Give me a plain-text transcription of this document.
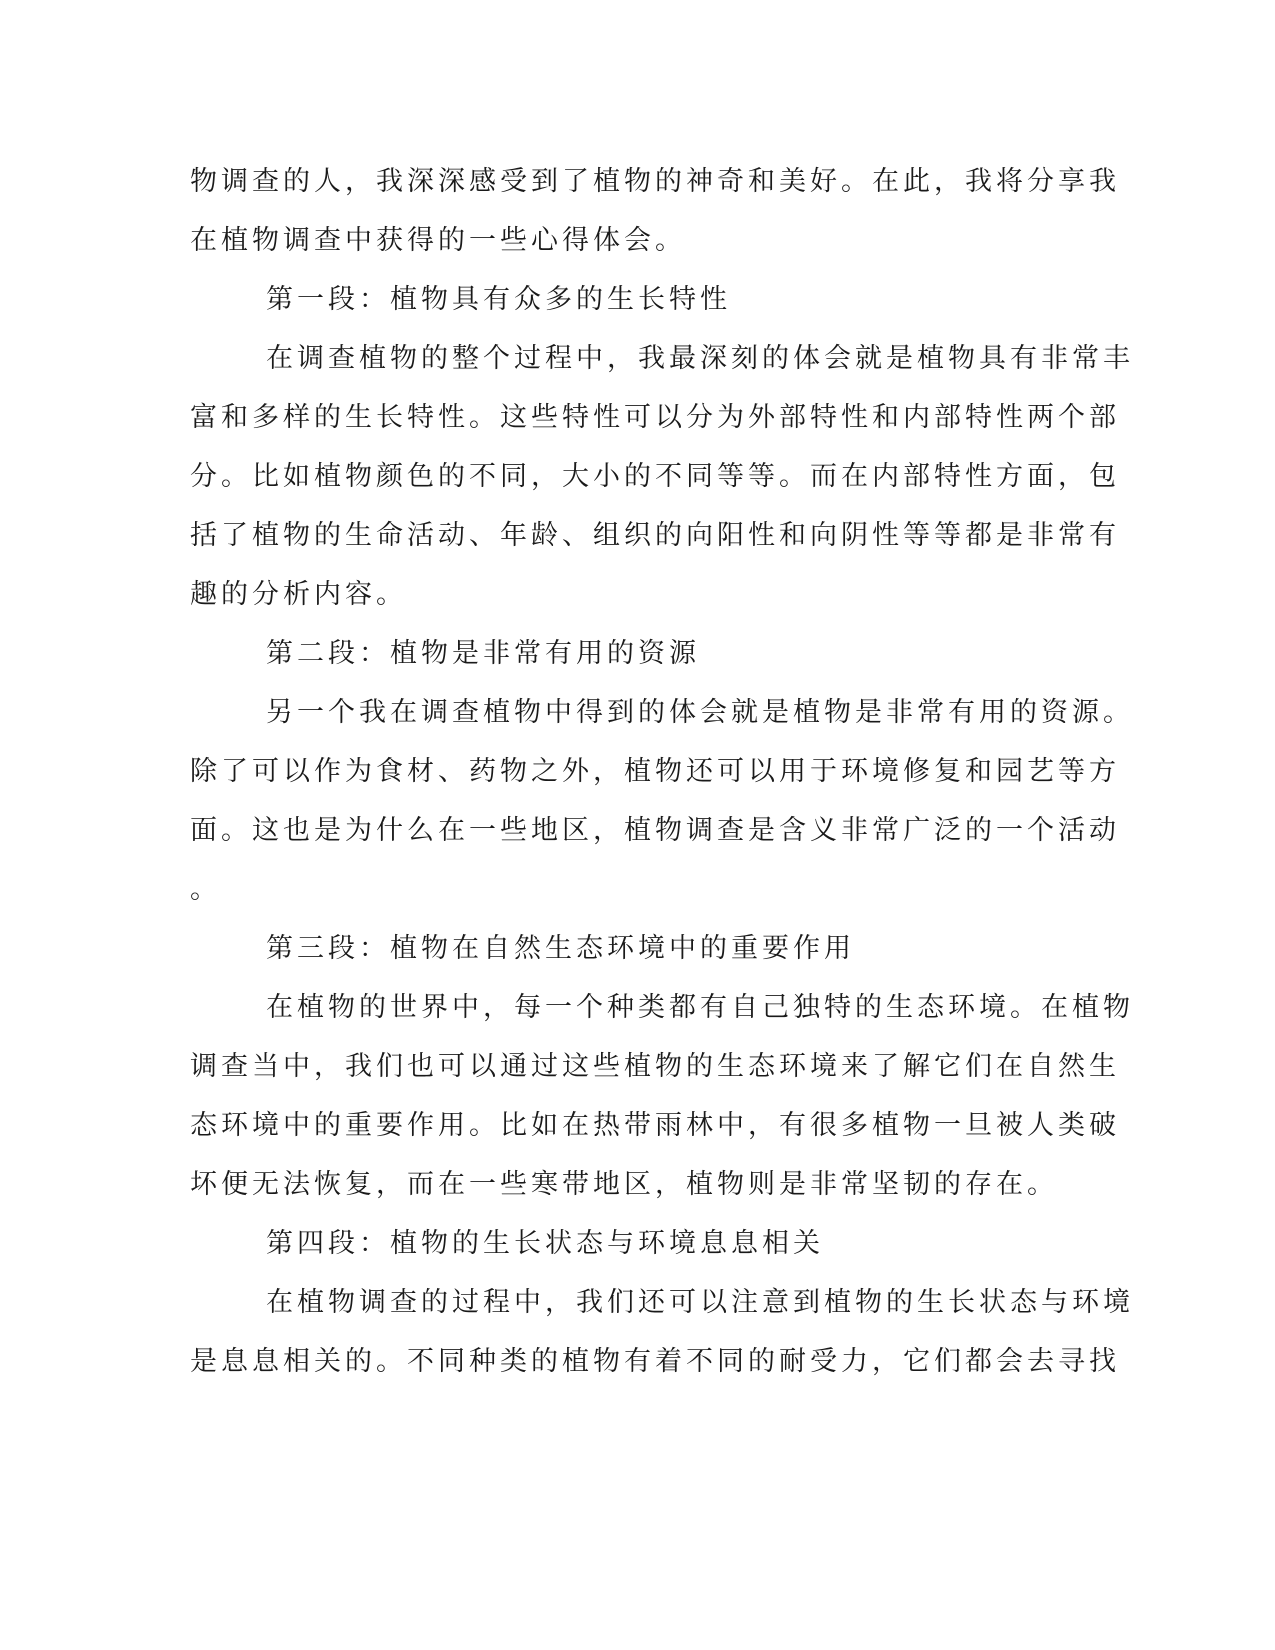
物调查的人，我深深感受到了植物的神奇和美好。在此，我将分享我
在植物调查中获得的一些心得体会。
第一段：植物具有众多的生长特性
在调查植物的整个过程中，我最深刻的体会就是植物具有非常丰
富和多样的生长特性。这些特性可以分为外部特性和内部特性两个部
分。比如植物颜色的不同，大小的不同等等。而在内部特性方面，包
括了植物的生命活动、年龄、组织的向阳性和向阴性等等都是非常有
趣的分析内容。
第二段：植物是非常有用的资源
另一个我在调查植物中得到的体会就是植物是非常有用的资源。
除了可以作为食材、药物之外，植物还可以用于环境修复和园艺等方
面。这也是为什么在一些地区，植物调查是含义非常广泛的一个活动
。
第三段：植物在自然生态环境中的重要作用
在植物的世界中，每一个种类都有自己独特的生态环境。在植物
调查当中，我们也可以通过这些植物的生态环境来了解它们在自然生
态环境中的重要作用。比如在热带雨林中，有很多植物一旦被人类破
坏便无法恢复，而在一些寒带地区，植物则是非常坚韧的存在。
第四段：植物的生长状态与环境息息相关
在植物调查的过程中，我们还可以注意到植物的生长状态与环境
是息息相关的。不同种类的植物有着不同的耐受力，它们都会去寻找
